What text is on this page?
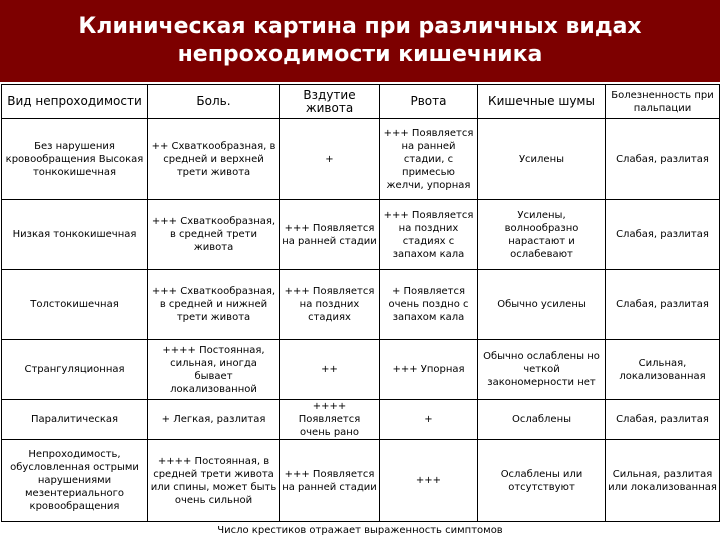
Клиническая картина при различных видах
непроходимости кишечника
Вид непроходимости	Боль.	Вздутие живота	Рвота	Кишечные шумы	Болезненность при пальпации
Без нарушения кровообращения Высокая тонкокишечная	++ Схваткообразная, в средней и верхней трети живота	+	+++ Появляется на ранней стадии, с примесью желчи, упорная	Усилены	Слабая, разлитая
Низкая тонкокишечная	+++ Схваткообразная, в средней трети живота	+++ Появляется на ранней стадии	+++ Появляется на поздних стадиях с запахом кала	Усилены, волнообразно нарастают и ослабевают	Слабая, разлитая
Толстокишечная	+++ Схваткообразная, в средней и нижней трети живота	+++ Появляется на поздних стадиях	+ Появляется очень поздно с запахом кала	Обычно усилены	Слабая, разлитая
Странгуляционная	++++ Постоянная, сильная, иногда бывает локализованной	++	+++ Упорная	Обычно ослаблены но четкой закономерности нет	Сильная, локализованная
Паралитическая	+ Легкая, разлитая	++++ Появляется очень рано	+	Ослаблены	Слабая, разлитая
Непроходимость, обусловленная острыми нарушениями мезентериального кровообращения	++++ Постоянная, в средней трети живота или спины, может быть очень сильной	+++ Появляется на ранней стадии	+++	Ослаблены или отсутствуют	Сильная, разлитая или локализованная
Число крестиков отражает выраженность симптомов
